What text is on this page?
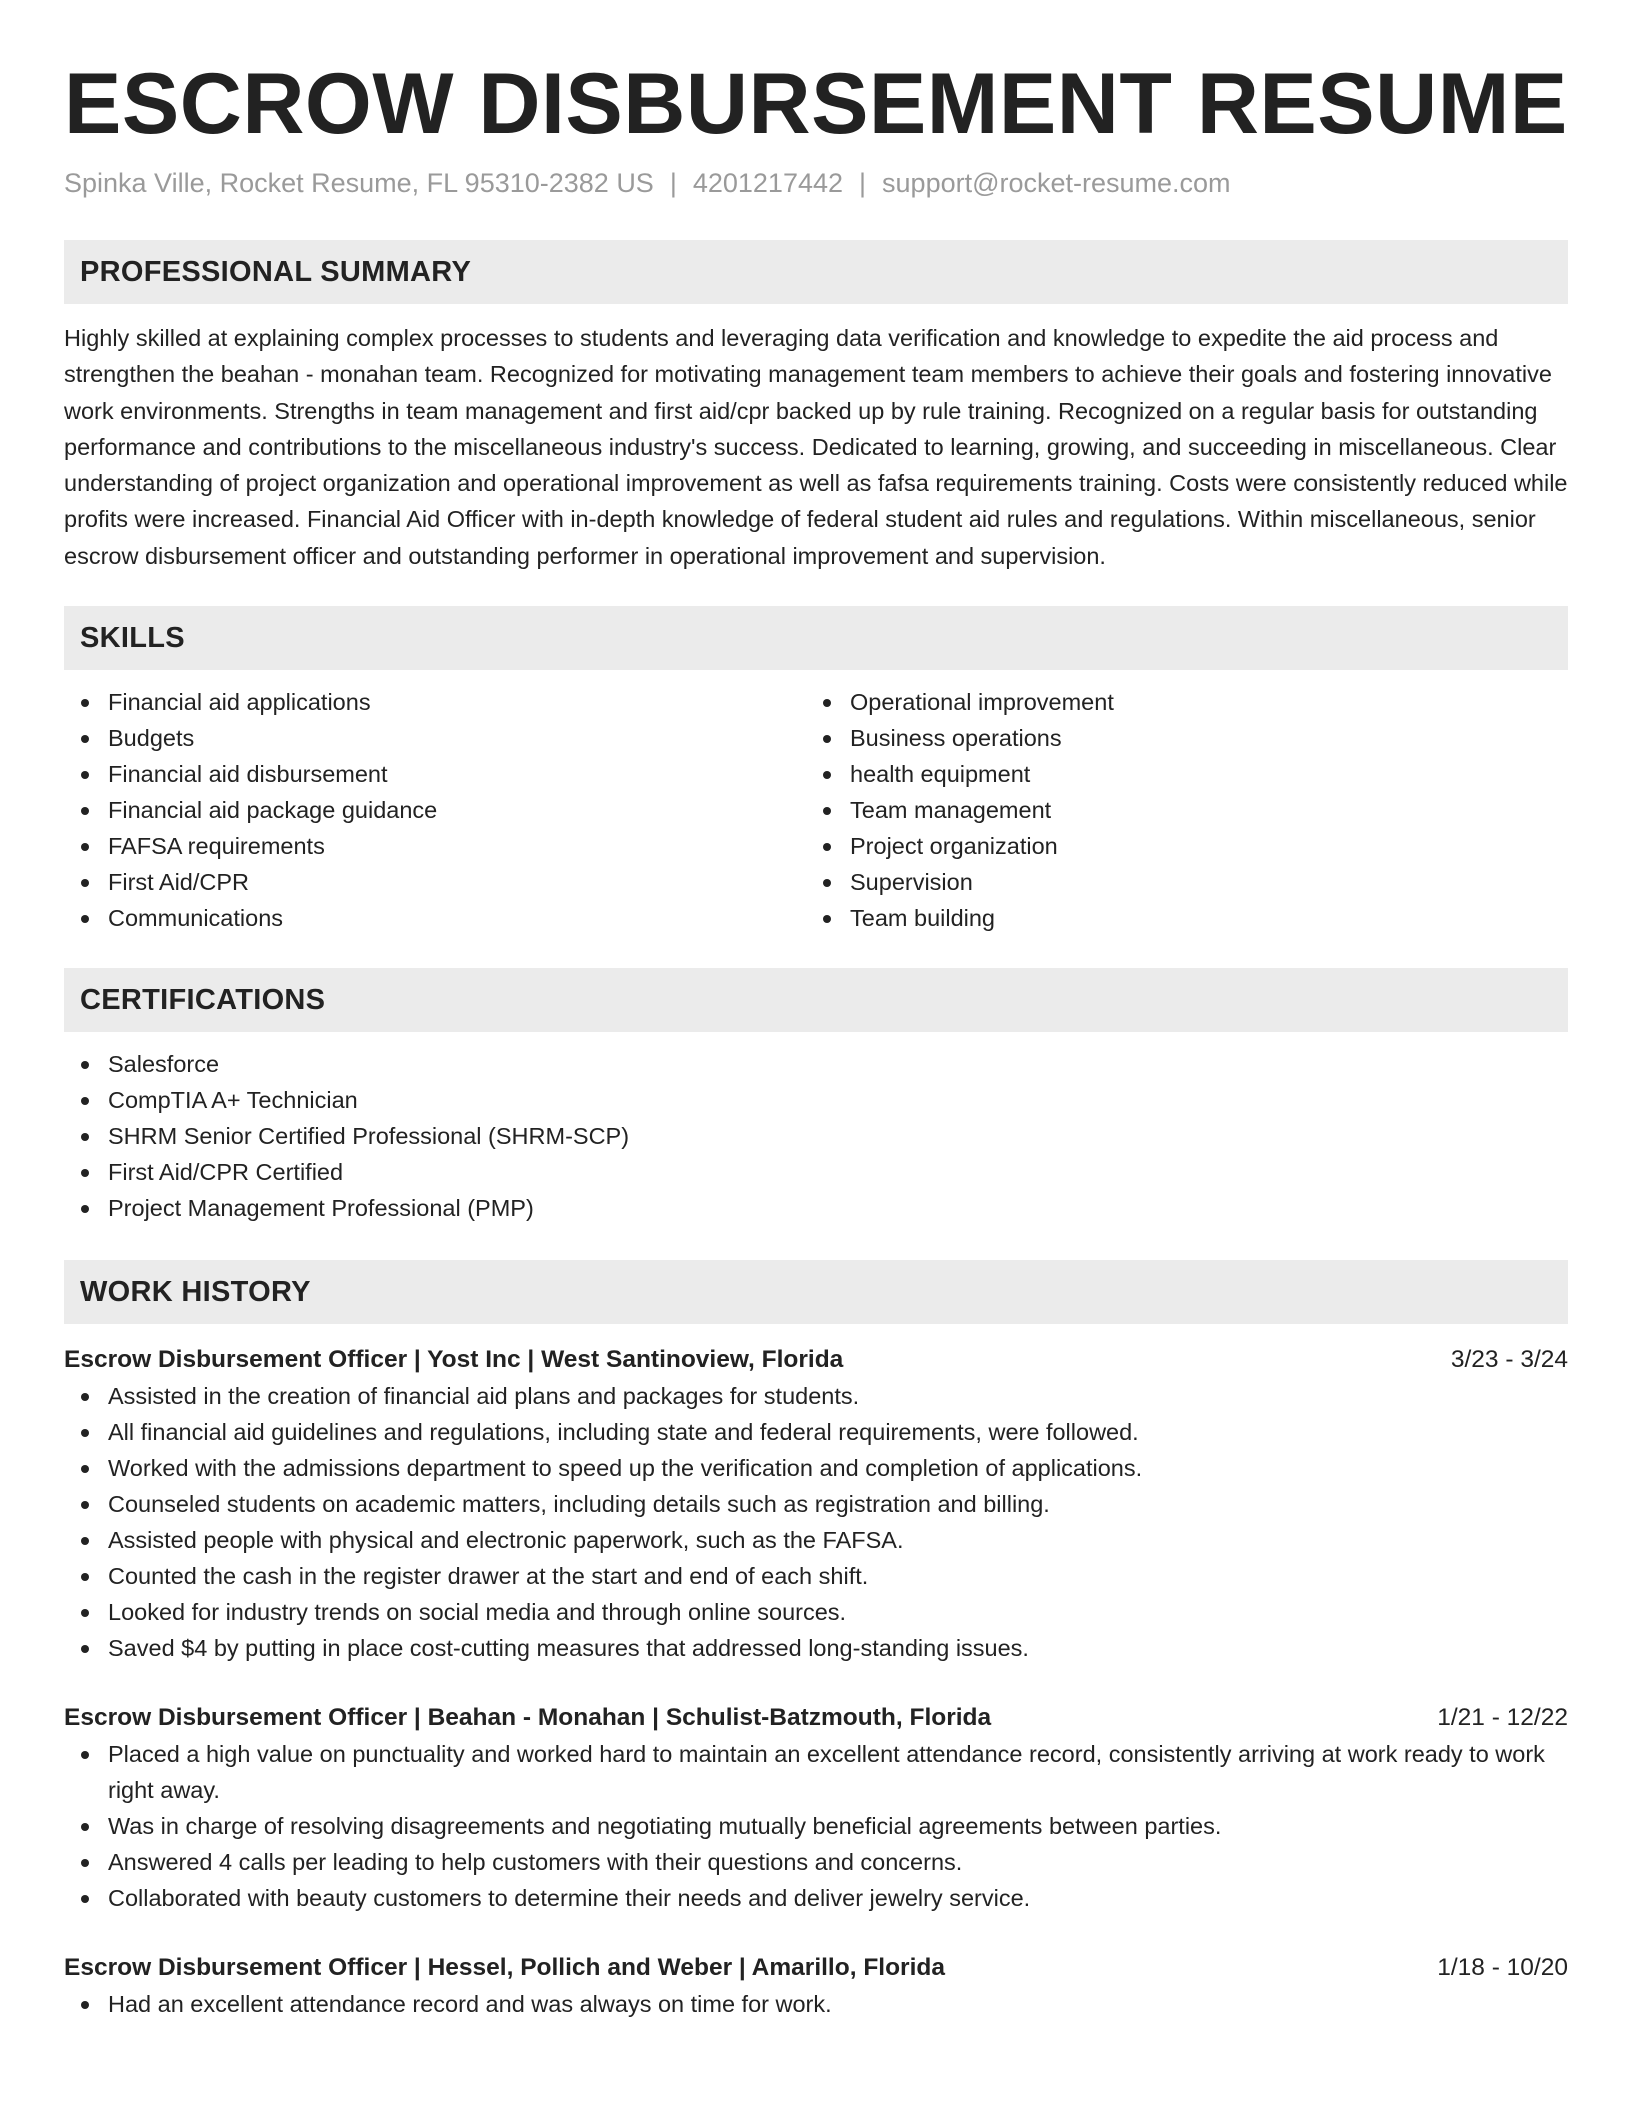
ESCROW DISBURSEMENT RESUME
Spinka Ville, Rocket Resume, FL 95310-2382 US | 4201217442 | support@rocket-resume.com
PROFESSIONAL SUMMARY

Highly skilled at explaining complex processes to students and leveraging data verification and knowledge to expedite the aid process and strengthen the beahan - monahan team. Recognized for motivating management team members to achieve their goals and fostering innovative work environments. Strengths in team management and first aid/cpr backed up by rule training. Recognized on a regular basis for outstanding performance and contributions to the miscellaneous industry's success. Dedicated to learning, growing, and succeeding in miscellaneous. Clear understanding of project organization and operational improvement as well as fafsa requirements training. Costs were consistently reduced while profits were increased. Financial Aid Officer with in-depth knowledge of federal student aid rules and regulations. Within miscellaneous, senior escrow disbursement officer and outstanding performer in operational improvement and supervision.

SKILLS
Financial aid applications
Budgets
Financial aid disbursement
Financial aid package guidance
FAFSA requirements
First Aid/CPR
Communications
Operational improvement
Business operations
health equipment
Team management
Project organization
Supervision
Team building
CERTIFICATIONS
Salesforce
CompTIA A+ Technician
SHRM Senior Certified Professional (SHRM-SCP)
First Aid/CPR Certified
Project Management Professional (PMP)
WORK HISTORY
Escrow Disbursement Officer | Yost Inc | West Santinoview, Florida	3/23 - 3/24
Assisted in the creation of financial aid plans and packages for students.
All financial aid guidelines and regulations, including state and federal requirements, were followed.
Worked with the admissions department to speed up the verification and completion of applications.
Counseled students on academic matters, including details such as registration and billing.
Assisted people with physical and electronic paperwork, such as the FAFSA.
Counted the cash in the register drawer at the start and end of each shift.
Looked for industry trends on social media and through online sources.
Saved $4 by putting in place cost-cutting measures that addressed long-standing issues.
Escrow Disbursement Officer | Beahan - Monahan | Schulist-Batzmouth, Florida	1/21 - 12/22
Placed a high value on punctuality and worked hard to maintain an excellent attendance record, consistently arriving at work ready to work right away.
Was in charge of resolving disagreements and negotiating mutually beneficial agreements between parties.
Answered 4 calls per leading to help customers with their questions and concerns.
Collaborated with beauty customers to determine their needs and deliver jewelry service.
Escrow Disbursement Officer | Hessel, Pollich and Weber | Amarillo, Florida	1/18 - 10/20
Had an excellent attendance record and was always on time for work.
